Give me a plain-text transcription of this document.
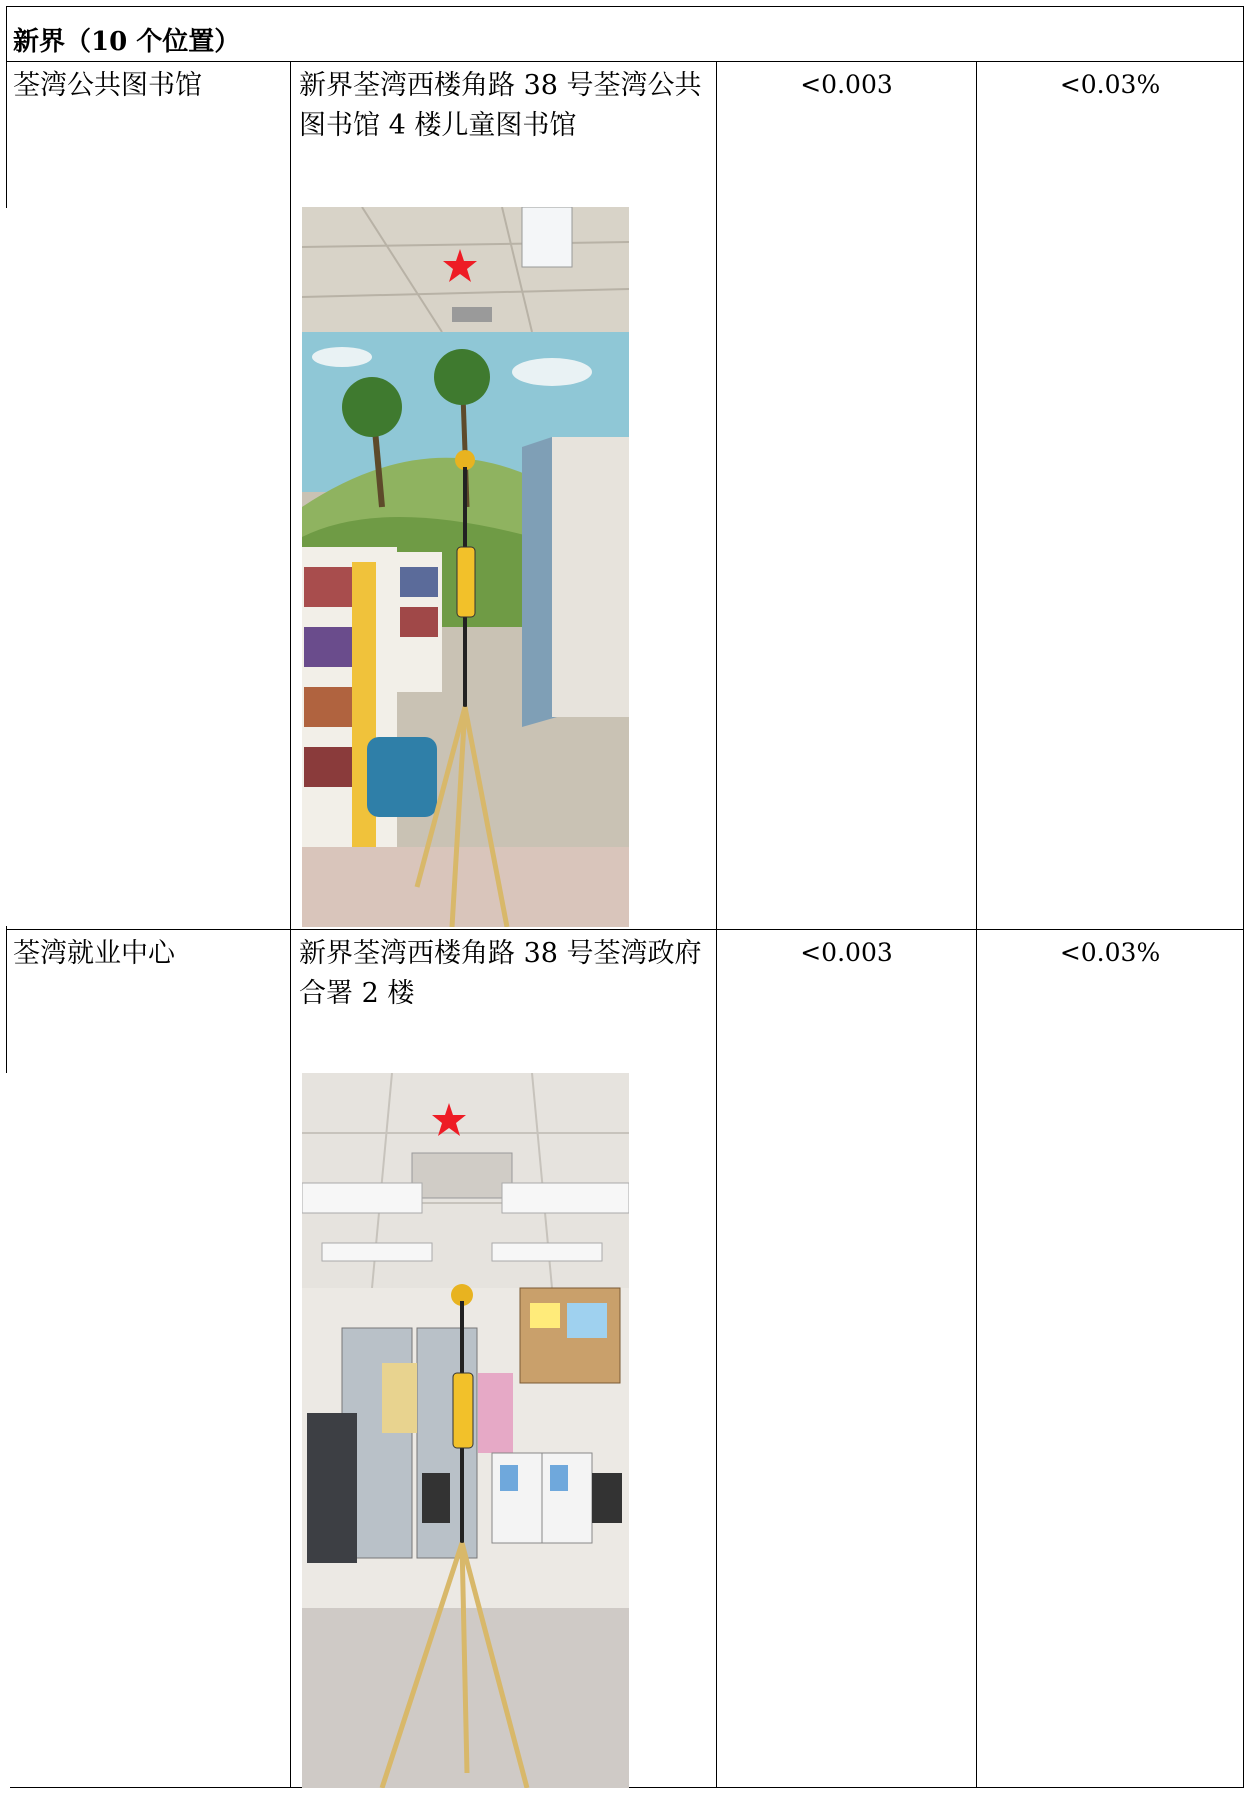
新界（10 个位置）			

荃湾公共图书馆	新界荃湾西楼角路 38 号荃湾公共图书馆 4 楼儿童图书馆	<0.003	<0.03%

荃湾就业中心	新界荃湾西楼角路 38 号荃湾政府合署 2 楼	<0.003	<0.03%
